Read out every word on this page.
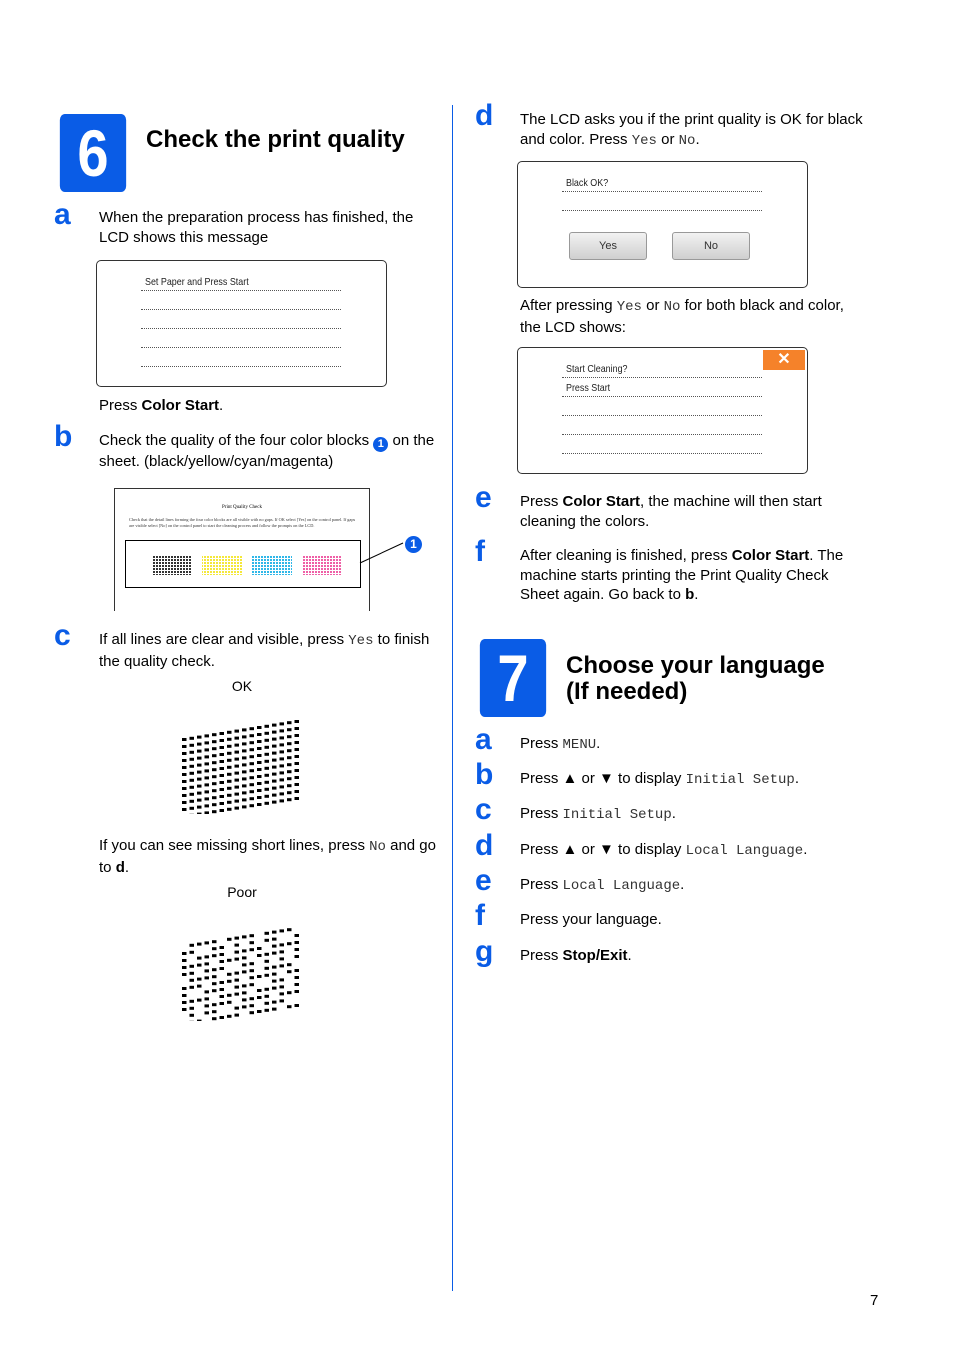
6 Check the print quality
a When the preparation process has finished, the LCD shows this message
Set Paper and Press Start
Press Color Start.
b Check the quality of the four color blocks 1 on the sheet. (black/yellow/cyan/magenta)
Print Quality Check
Check that the detail lines forming the four color blocks are all visible with no gaps. If OK select [Yes] on the control panel. If gaps are visible select [No] on the control panel to start the cleaning process and follow the prompts on the LCD.
1
c If all lines are clear and visible, press Yes to finish the quality check.
OK
If you can see missing short lines, press No and go to d.
Poor
d The LCD asks you if the print quality is OK for black and color. Press Yes or No.
Black OK?
Yes	No
After pressing Yes or No for both black and color, the LCD shows:
✕
Start Cleaning?
Press Start
e Press Color Start, the machine will then start cleaning the colors.
f After cleaning is finished, press Color Start. The machine starts printing the Print Quality Check Sheet again. Go back to b.
7 Choose your language
(If needed)
a Press MENU.
b Press ▲ or ▼ to display Initial Setup.
c Press Initial Setup.
d Press ▲ or ▼ to display Local Language.
e Press Local Language.
f Press your language.
g Press Stop/Exit.
7
